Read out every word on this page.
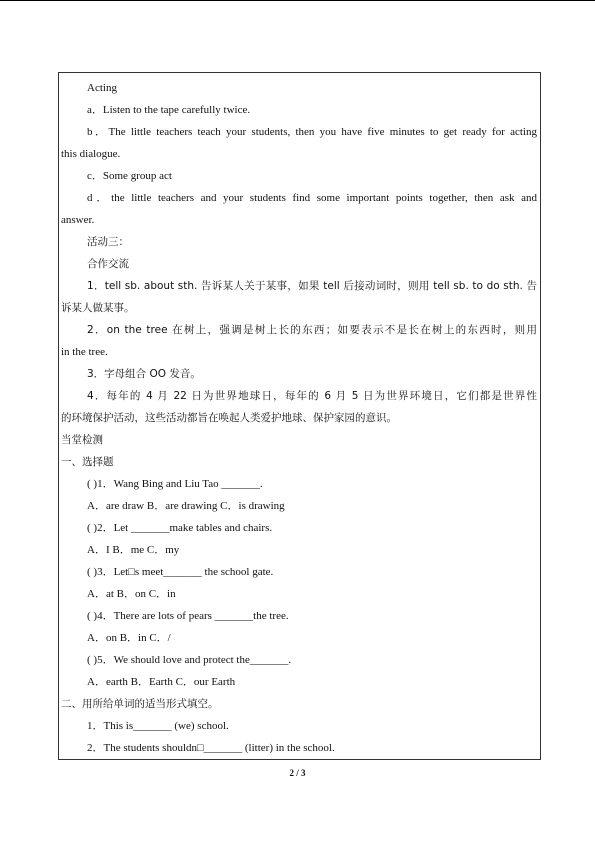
Acting
a．Listen to the tape carefully twice.
b．The little teachers teach your students, then you have five minutes to get ready for acting
this dialogue.
c．Some group act
d．the little teachers and your students find some important points together, then ask and
answer.
活动三：
合作交流
1．tell sb. about sth. 告诉某人关于某事，如果 tell 后接动词时，则用 tell sb. to do sth. 告
诉某人做某事。
2．on the tree 在树上，强调是树上长的东西；如要表示不是长在树上的东西时，则用
in the tree.
3．字母组合 OO 发音。
4．每年的 4 月 22 日为世界地球日，每年的 6 月 5 日为世界环境日，它们都是世界性
的环境保护活动，这些活动都旨在唤起人类爱护地球、保护家园的意识。
当堂检测
一、选择题
( )1．Wang Bing and Liu Tao _______.
A．are draw B．are drawing C．is drawing
( )2．Let _______make tables and chairs.
A．I B．me C．my
( )3．Let□s meet_______ the school gate.
A．at B．on C．in
( )4．There are lots of pears _______the tree.
A．on B．in C．/
( )5．We should love and protect the_______.
A．earth B．Earth C．our Earth
二、用所给单词的适当形式填空。
1．This is_______ (we) school.
2．The students shouldn□_______ (litter) in the school.
2 / 3
